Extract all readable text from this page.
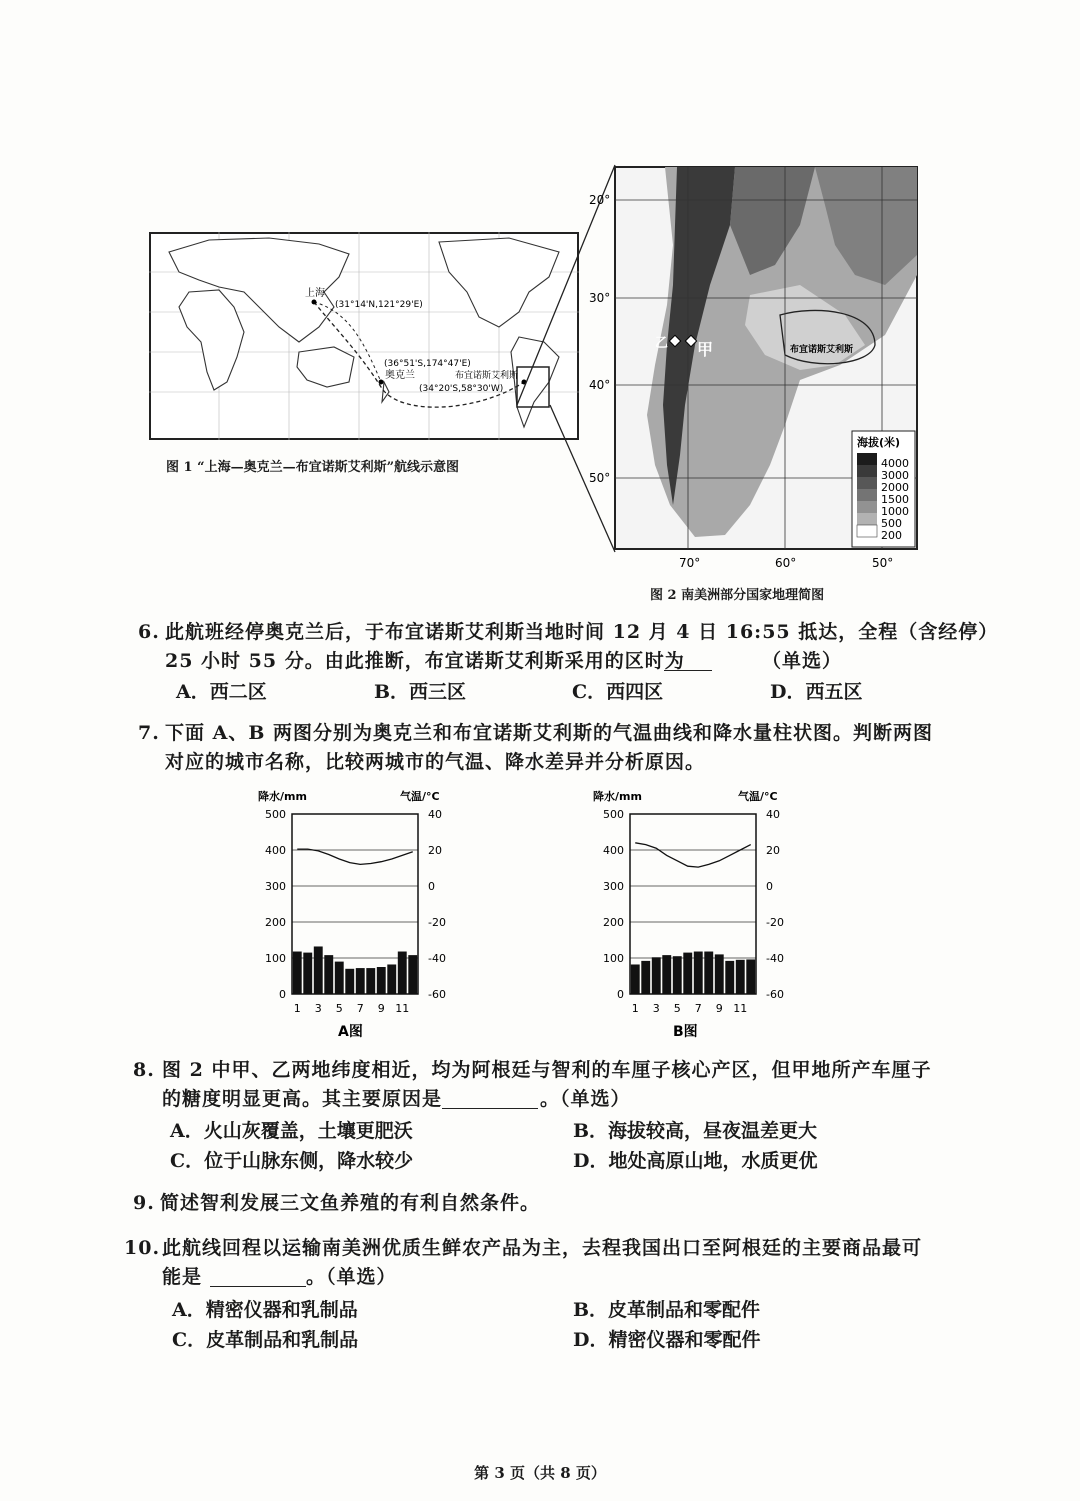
上海
(31°14'N,121°29'E)
(36°51'S,174°47'E)
奥克兰	布宜诺斯艾利斯
(34°20'S,58°30'W)
图 1 “上海—奥克兰—布宜诺斯艾利斯”航线示意图
甲
乙	布宜诺斯艾利斯
20°
30°
40°
50°
70°	60°	50°
海拔(米)
4000
3000
2000
1500
1000
500
200
图 2 南美洲部分国家地理简图
6. 此航班经停奥克兰后，于布宜诺斯艾利斯当地时间 12 月 4 日 16:55 抵达，全程（含经停）
25 小时 55 分。由此推断，布宜诺斯艾利斯采用的区时为	（单选）
A．西二区	B．西三区	C．西四区	D．西五区
7. 下面 A、B 两图分别为奥克兰和布宜诺斯艾利斯的气温曲线和降水量柱状图。判断两图
对应的城市名称，比较两城市的气温、降水差异并分析原因。
降水/mm	气温/°C
500
400
300
200
100
0
40
20
0
-20
-40
-60
1 3 5 7 9 11
A图
降水/mm	气温/°C
500
400
300
200
100
0
40
20
0
-20
-40
-60
1 3 5 7 9 11
B图
8. 图 2 中甲、乙两地纬度相近，均为阿根廷与智利的车厘子核心产区，但甲地所产车厘子
的糖度明显更高。其主要原因是	。（单选）
A．火山灰覆盖，土壤更肥沃	B．海拔较高，昼夜温差更大
C．位于山脉东侧，降水较少	D．地处高原山地，水质更优
9. 简述智利发展三文鱼养殖的有利自然条件。
10. 此航线回程以运输南美洲优质生鲜农产品为主，去程我国出口至阿根廷的主要商品最可
能是	。（单选）
A．精密仪器和乳制品	B．皮革制品和零配件
C．皮革制品和乳制品	D．精密仪器和零配件
第 3 页（共 8 页）
